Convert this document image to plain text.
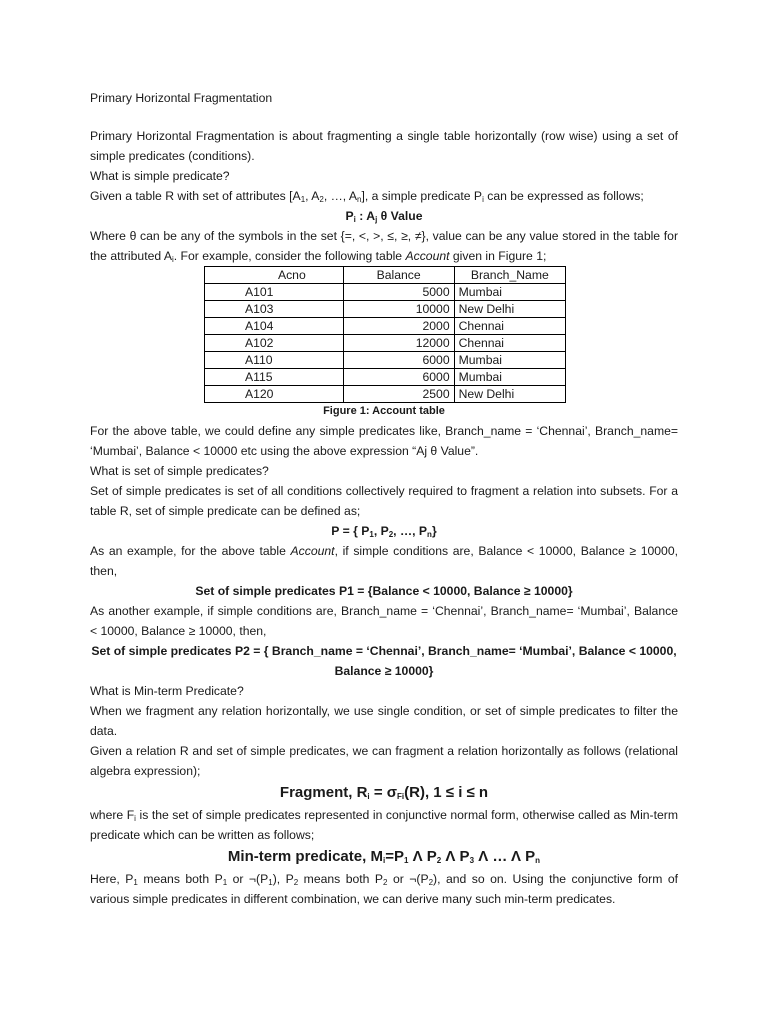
Primary Horizontal Fragmentation

Primary Horizontal Fragmentation is about fragmenting a single table horizontally (row wise) using a set of simple predicates (conditions).

What is simple predicate?

Given a table R with set of attributes [$A_1$, $A_2$, …, $A_n$], a simple predicate $P_i$ can be expressed as follows;

$P_i$ : $A_j$ θ Value

Where θ can be any of the symbols in the set {=, <, >, ≤, ≥, ≠}, value can be any value stored in the table for the attributed $A_i$. For example, consider the following table Account given in Figure 1;

Acno	Balance	Branch_Name
A101	5000	Mumbai
A103	10000	New Delhi
A104	2000	Chennai
A102	12000	Chennai
A110	6000	Mumbai
A115	6000	Mumbai
A120	2500	New Delhi

Figure 1: Account table

For the above table, we could define any simple predicates like, Branch_name = ‘Chennai’, Branch_name= ‘Mumbai’, Balance < 10000 etc using the above expression “Aj θ Value”.

What is set of simple predicates?

Set of simple predicates is set of all conditions collectively required to fragment a relation into subsets. For a table R, set of simple predicate can be defined as;

P = { $P_1$, $P_2$, …, $P_n$}

As an example, for the above table Account, if simple conditions are, Balance < 10000, Balance ≥ 10000, then,

Set of simple predicates P1 = {Balance < 10000, Balance ≥ 10000}

As another example, if simple conditions are, Branch_name = ‘Chennai’, Branch_name= ‘Mumbai’, Balance < 10000, Balance ≥ 10000, then,

Set of simple predicates P2 = { Branch_name = ‘Chennai’, Branch_name= ‘Mumbai’, Balance < 10000,

Balance ≥ 10000}

What is Min-term Predicate?

When we fragment any relation horizontally, we use single condition, or set of simple predicates to filter the data.

Given a relation R and set of simple predicates, we can fragment a relation horizontally as follows (relational algebra expression);

Fragment, $R_i = \sigma_{Fi}(R)$, 1 ≤ i ≤ n

where $F_i$ is the set of simple predicates represented in conjunctive normal form, otherwise called as Min-term predicate which can be written as follows;

Min-term predicate, $M_i=P_1$ Λ $P_2$ Λ $P_3$ Λ … Λ $P_n$

Here, $P_1$ means both $P_1$ or $\neg(P_1)$, $P_2$ means both $P_2$ or $\neg(P_2)$, and so on. Using the conjunctive form of various simple predicates in different combination, we can derive many such min-term predicates.
